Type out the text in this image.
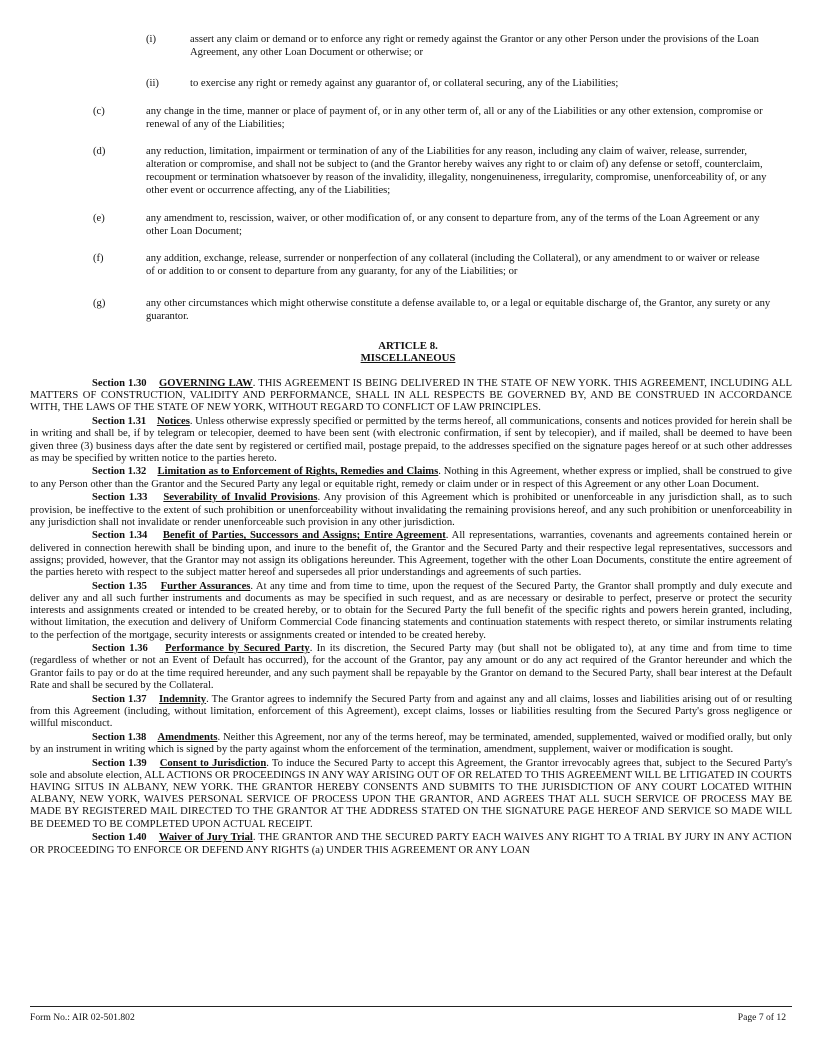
(i)	assert any claim or demand or to enforce any right or remedy against the Grantor or any other Person under the provisions of the Loan Agreement, any other Loan Document or otherwise; or
(ii)	to exercise any right or remedy against any guarantor of, or collateral securing, any of the Liabilities;
(c)	any change in the time, manner or place of payment of, or in any other term of, all or any of the Liabilities or any other extension, compromise or renewal of any of the Liabilities;
(d)	any reduction, limitation, impairment or termination of any of the Liabilities for any reason, including any claim of waiver, release, surrender, alteration or compromise, and shall not be subject to (and the Grantor hereby waives any right to or claim of) any defense or setoff, counterclaim, recoupment or termination whatsoever by reason of the invalidity, illegality, nongenuineness, irregularity, compromise, unenforceability of, or any other event or occurrence affecting, any of the Liabilities;
(e)	any amendment to, rescission, waiver, or other modification of, or any consent to departure from, any of the terms of the Loan Agreement or any other Loan Document;
(f)	any addition, exchange, release, surrender or nonperfection of any collateral (including the Collateral), or any amendment to or waiver or release of or addition to or consent to departure from any guaranty, for any of the Liabilities; or
(g)	any other circumstances which might otherwise constitute a defense available to, or a legal or equitable discharge of, the Grantor, any surety or any guarantor.
ARTICLE 8.
MISCELLANEOUS

Section 1.30 GOVERNING LAW. THIS AGREEMENT IS BEING DELIVERED IN THE STATE OF NEW YORK. THIS AGREEMENT, INCLUDING ALL MATTERS OF CONSTRUCTION, VALIDITY AND PERFORMANCE, SHALL IN ALL RESPECTS BE GOVERNED BY, AND BE CONSTRUED IN ACCORDANCE WITH, THE LAWS OF THE STATE OF NEW YORK, WITHOUT REGARD TO CONFLICT OF LAW PRINCIPLES.

Section 1.31 Notices. Unless otherwise expressly specified or permitted by the terms hereof, all communications, consents and notices provided for herein shall be in writing and shall be, if by telegram or telecopier, deemed to have been sent (with electronic confirmation, if sent by telecopier), and if mailed, shall be deemed to have been given three (3) business days after the date sent by registered or certified mail, postage prepaid, to the addresses specified on the signature pages hereof or at such other addresses as may be specified by written notice to the parties hereto.

Section 1.32 Limitation as to Enforcement of Rights, Remedies and Claims. Nothing in this Agreement, whether express or implied, shall be construed to give to any Person other than the Grantor and the Secured Party any legal or equitable right, remedy or claim under or in respect of this Agreement or any other Loan Document.

Section 1.33 Severability of Invalid Provisions. Any provision of this Agreement which is prohibited or unenforceable in any jurisdiction shall, as to such provision, be ineffective to the extent of such prohibition or unenforceability without invalidating the remaining provisions hereof, and any such prohibition or unenforceability in any jurisdiction shall not invalidate or render unenforceable such provision in any other jurisdiction.

Section 1.34 Benefit of Parties, Successors and Assigns; Entire Agreement. All representations, warranties, covenants and agreements contained herein or delivered in connection herewith shall be binding upon, and inure to the benefit of, the Grantor and the Secured Party and their respective legal representatives, successors and assigns; provided, however, that the Grantor may not assign its obligations hereunder. This Agreement, together with the other Loan Documents, constitute the entire agreement of the parties hereto with respect to the subject matter hereof and supersedes all prior understandings and agreements of such parties.

Section 1.35 Further Assurances. At any time and from time to time, upon the request of the Secured Party, the Grantor shall promptly and duly execute and deliver any and all such further instruments and documents as may be specified in such request, and as are necessary or desirable to perfect, preserve or protect the security interests and assignments created or intended to be created hereby, or to obtain for the Secured Party the full benefit of the specific rights and powers herein granted, including, without limitation, the execution and delivery of Uniform Commercial Code financing statements and continuation statements with respect thereto, or similar instruments relating to the perfection of the mortgage, security interests or assignments created or intended to be created hereby.

Section 1.36 Performance by Secured Party. In its discretion, the Secured Party may (but shall not be obligated to), at any time and from time to time (regardless of whether or not an Event of Default has occurred), for the account of the Grantor, pay any amount or do any act required of the Grantor hereunder and which the Grantor fails to pay or do at the time required hereunder, and any such payment shall be repayable by the Grantor on demand to the Secured Party, shall bear interest at the Default Rate and shall be secured by the Collateral.

Section 1.37 Indemnity. The Grantor agrees to indemnify the Secured Party from and against any and all claims, losses and liabilities arising out of or resulting from this Agreement (including, without limitation, enforcement of this Agreement), except claims, losses or liabilities resulting from the Secured Party's gross negligence or willful misconduct.

Section 1.38 Amendments. Neither this Agreement, nor any of the terms hereof, may be terminated, amended, supplemented, waived or modified orally, but only by an instrument in writing which is signed by the party against whom the enforcement of the termination, amendment, supplement, waiver or modification is sought.

Section 1.39 Consent to Jurisdiction. To induce the Secured Party to accept this Agreement, the Grantor irrevocably agrees that, subject to the Secured Party's sole and absolute election, ALL ACTIONS OR PROCEEDINGS IN ANY WAY ARISING OUT OF OR RELATED TO THIS AGREEMENT WILL BE LITIGATED IN COURTS HAVING SITUS IN ALBANY, NEW YORK. THE GRANTOR HEREBY CONSENTS AND SUBMITS TO THE JURISDICTION OF ANY COURT LOCATED WITHIN ALBANY, NEW YORK, WAIVES PERSONAL SERVICE OF PROCESS UPON THE GRANTOR, AND AGREES THAT ALL SUCH SERVICE OF PROCESS MAY BE MADE BY REGISTERED MAIL DIRECTED TO THE GRANTOR AT THE ADDRESS STATED ON THE SIGNATURE PAGE HEREOF AND SERVICE SO MADE WILL BE DEEMED TO BE COMPLETED UPON ACTUAL RECEIPT.

Section 1.40 Waiver of Jury Trial. THE GRANTOR AND THE SECURED PARTY EACH WAIVES ANY RIGHT TO A TRIAL BY JURY IN ANY ACTION OR PROCEEDING TO ENFORCE OR DEFEND ANY RIGHTS (a) UNDER THIS AGREEMENT OR ANY LOAN

Form No.: AIR 02-501.802	Page 7 of 12
